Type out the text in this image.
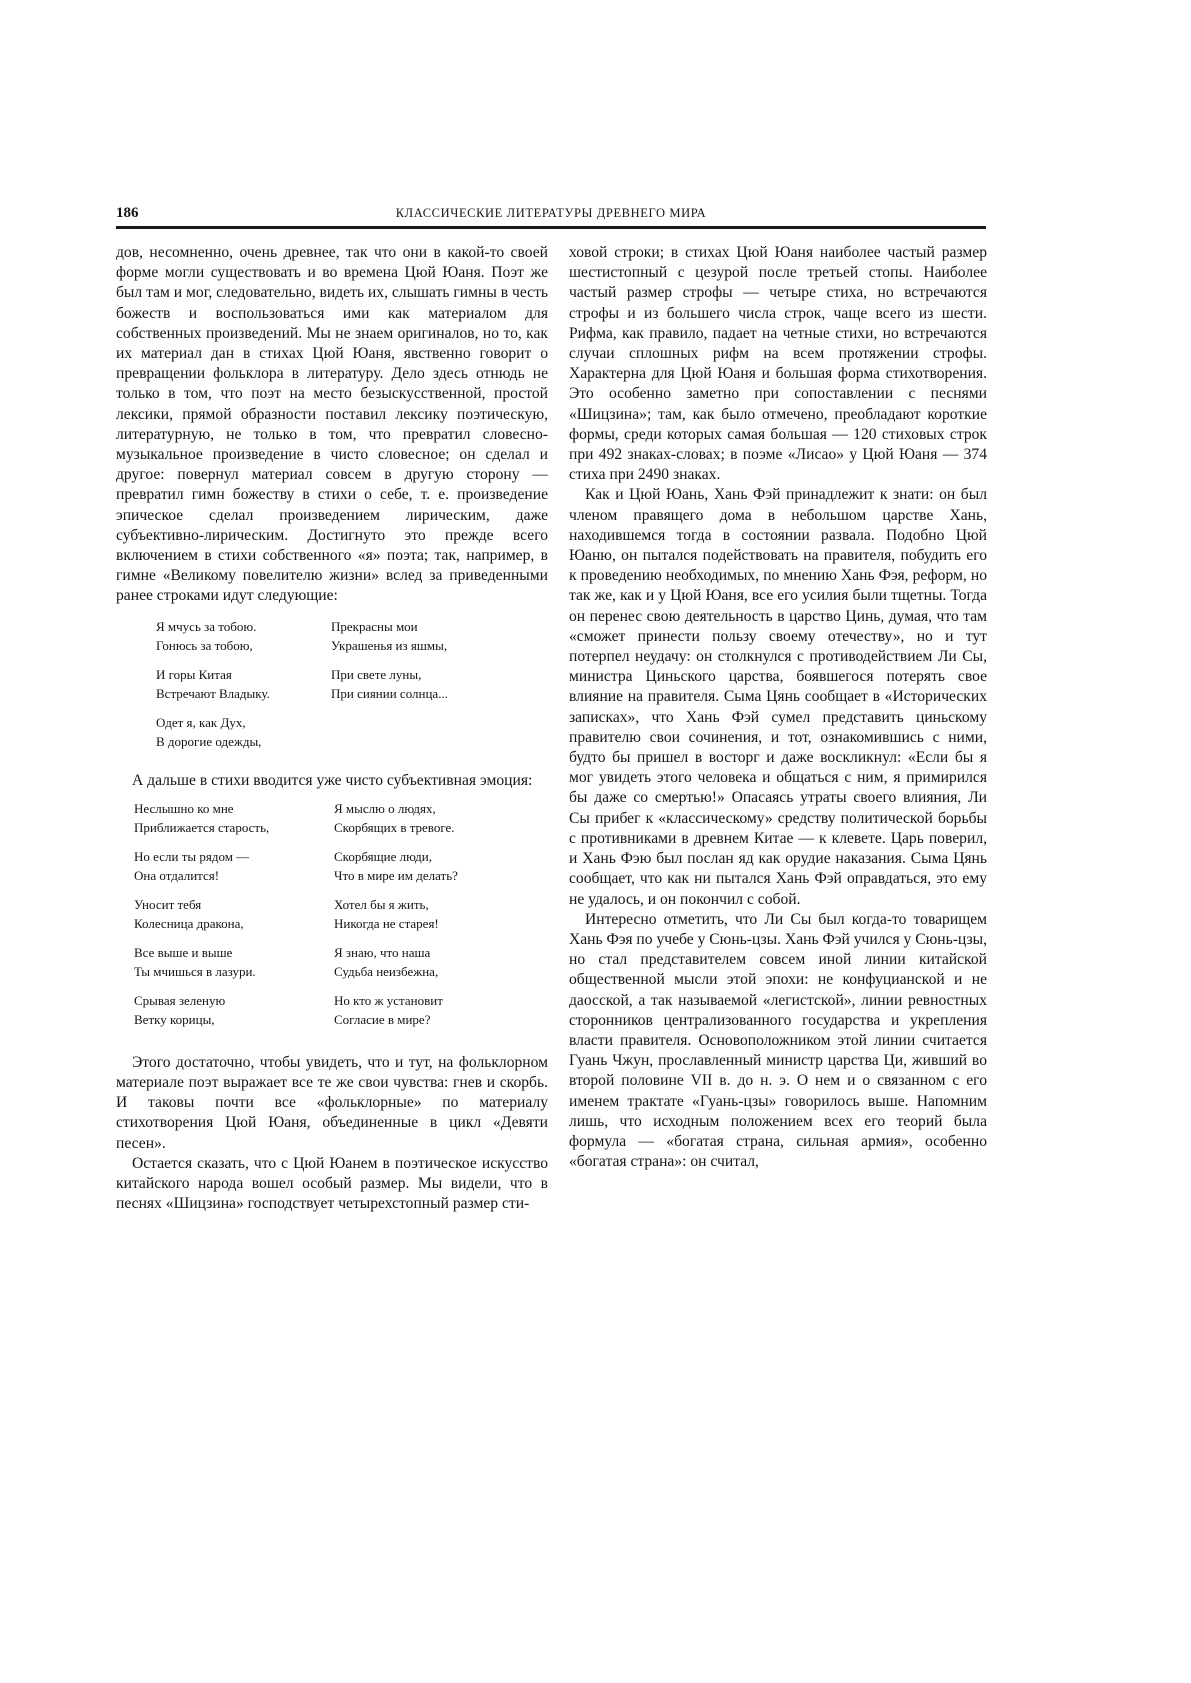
186	КЛАССИЧЕСКИЕ ЛИТЕРАТУРЫ ДРЕВНЕГО МИРА

дов, несомненно, очень древнее, так что они в какой-то своей форме могли существовать и во времена Цюй Юаня. Поэт же был там и мог, следовательно, видеть их, слышать гимны в честь божеств и воспользоваться ими как материалом для собственных произведений. Мы не знаем оригиналов, но то, как их материал дан в стихах Цюй Юаня, явственно говорит о превращении фольклора в литературу. Дело здесь отнюдь не только в том, что поэт на место безыскусственной, простой лексики, прямой образности поставил лексику поэтическую, литературную, не только в том, что превратил словесно-музыкальное произведение в чисто словесное; он сделал и другое: повернул материал совсем в другую сторону — превратил гимн божеству в стихи о себе, т. е. произведение эпическое сделал произведением лирическим, даже субъективно-лирическим. Достигнуто это прежде всего включением в стихи собственного «я» поэта; так, например, в гимне «Великому повелителю жизни» вслед за приведенными ранее строками идут следующие:

Я мчусь за тобою.
Гонюсь за тобою,
И горы Китая
Встречают Владыку.
Одет я, как Дух,
В дорогие одежды,
Прекрасны мои
Украшенья из яшмы,
При свете луны,
При сиянии солнца...

А дальше в стихи вводится уже чисто субъективная эмоция:

Неслышно ко мне
Приближается старость,
Но если ты рядом —
Она отдалится!
Уносит тебя
Колесница дракона,
Все выше и выше
Ты мчишься в лазури.
Срывая зеленую
Ветку корицы,
Я мыслю о людях,
Скорбящих в тревоге.
Скорбящие люди,
Что в мире им делать?
Хотел бы я жить,
Никогда не старея!
Я знаю, что наша
Судьба неизбежна,
Но кто ж установит
Согласие в мире?

Этого достаточно, чтобы увидеть, что и тут, на фольклорном материале поэт выражает все те же свои чувства: гнев и скорбь. И таковы почти все «фольклорные» по материалу стихотворения Цюй Юаня, объединенные в цикл «Девяти песен».

Остается сказать, что с Цюй Юанем в поэтическое искусство китайского народа вошел особый размер. Мы видели, что в песнях «Шицзина» господствует четырехстопный размер сти-

ховой строки; в стихах Цюй Юаня наиболее частый размер шестистопный с цезурой после третьей стопы. Наиболее частый размер строфы — четыре стиха, но встречаются строфы и из большего числа строк, чаще всего из шести. Рифма, как правило, падает на четные стихи, но встречаются случаи сплошных рифм на всем протяжении строфы. Характерна для Цюй Юаня и большая форма стихотворения. Это особенно заметно при сопоставлении с песнями «Шицзина»; там, как было отмечено, преобладают короткие формы, среди которых самая большая — 120 стиховых строк при 492 знаках-словах; в поэме «Лисао» у Цюй Юаня — 374 стиха при 2490 знаках.

Как и Цюй Юань, Хань Фэй принадлежит к знати: он был членом правящего дома в небольшом царстве Хань, находившемся тогда в состоянии развала. Подобно Цюй Юаню, он пытался подействовать на правителя, побудить его к проведению необходимых, по мнению Хань Фэя, реформ, но так же, как и у Цюй Юаня, все его усилия были тщетны. Тогда он перенес свою деятельность в царство Цинь, думая, что там «сможет принести пользу своему отечеству», но и тут потерпел неудачу: он столкнулся с противодействием Ли Сы, министра Циньского царства, боявшегося потерять свое влияние на правителя. Сыма Цянь сообщает в «Исторических записках», что Хань Фэй сумел представить циньскому правителю свои сочинения, и тот, ознакомившись с ними, будто бы пришел в восторг и даже воскликнул: «Если бы я мог увидеть этого человека и общаться с ним, я примирился бы даже со смертью!» Опасаясь утраты своего влияния, Ли Сы прибег к «классическому» средству политической борьбы с противниками в древнем Китае — к клевете. Царь поверил, и Хань Фэю был послан яд как орудие наказания. Сыма Цянь сообщает, что как ни пытался Хань Фэй оправдаться, это ему не удалось, и он покончил с собой.

Интересно отметить, что Ли Сы был когда-то товарищем Хань Фэя по учебе у Сюнь-цзы. Хань Фэй учился у Сюнь-цзы, но стал представителем совсем иной линии китайской общественной мысли этой эпохи: не конфуцианской и не даосской, а так называемой «легистской», линии ревностных сторонников централизованного государства и укрепления власти правителя. Основоположником этой линии считается Гуань Чжун, прославленный министр царства Ци, живший во второй половине VII в. до н. э. О нем и о связанном с его именем трактате «Гуань-цзы» говорилось выше. Напомним лишь, что исходным положением всех его теорий была формула — «богатая страна, сильная армия», особенно «богатая страна»: он считал,
